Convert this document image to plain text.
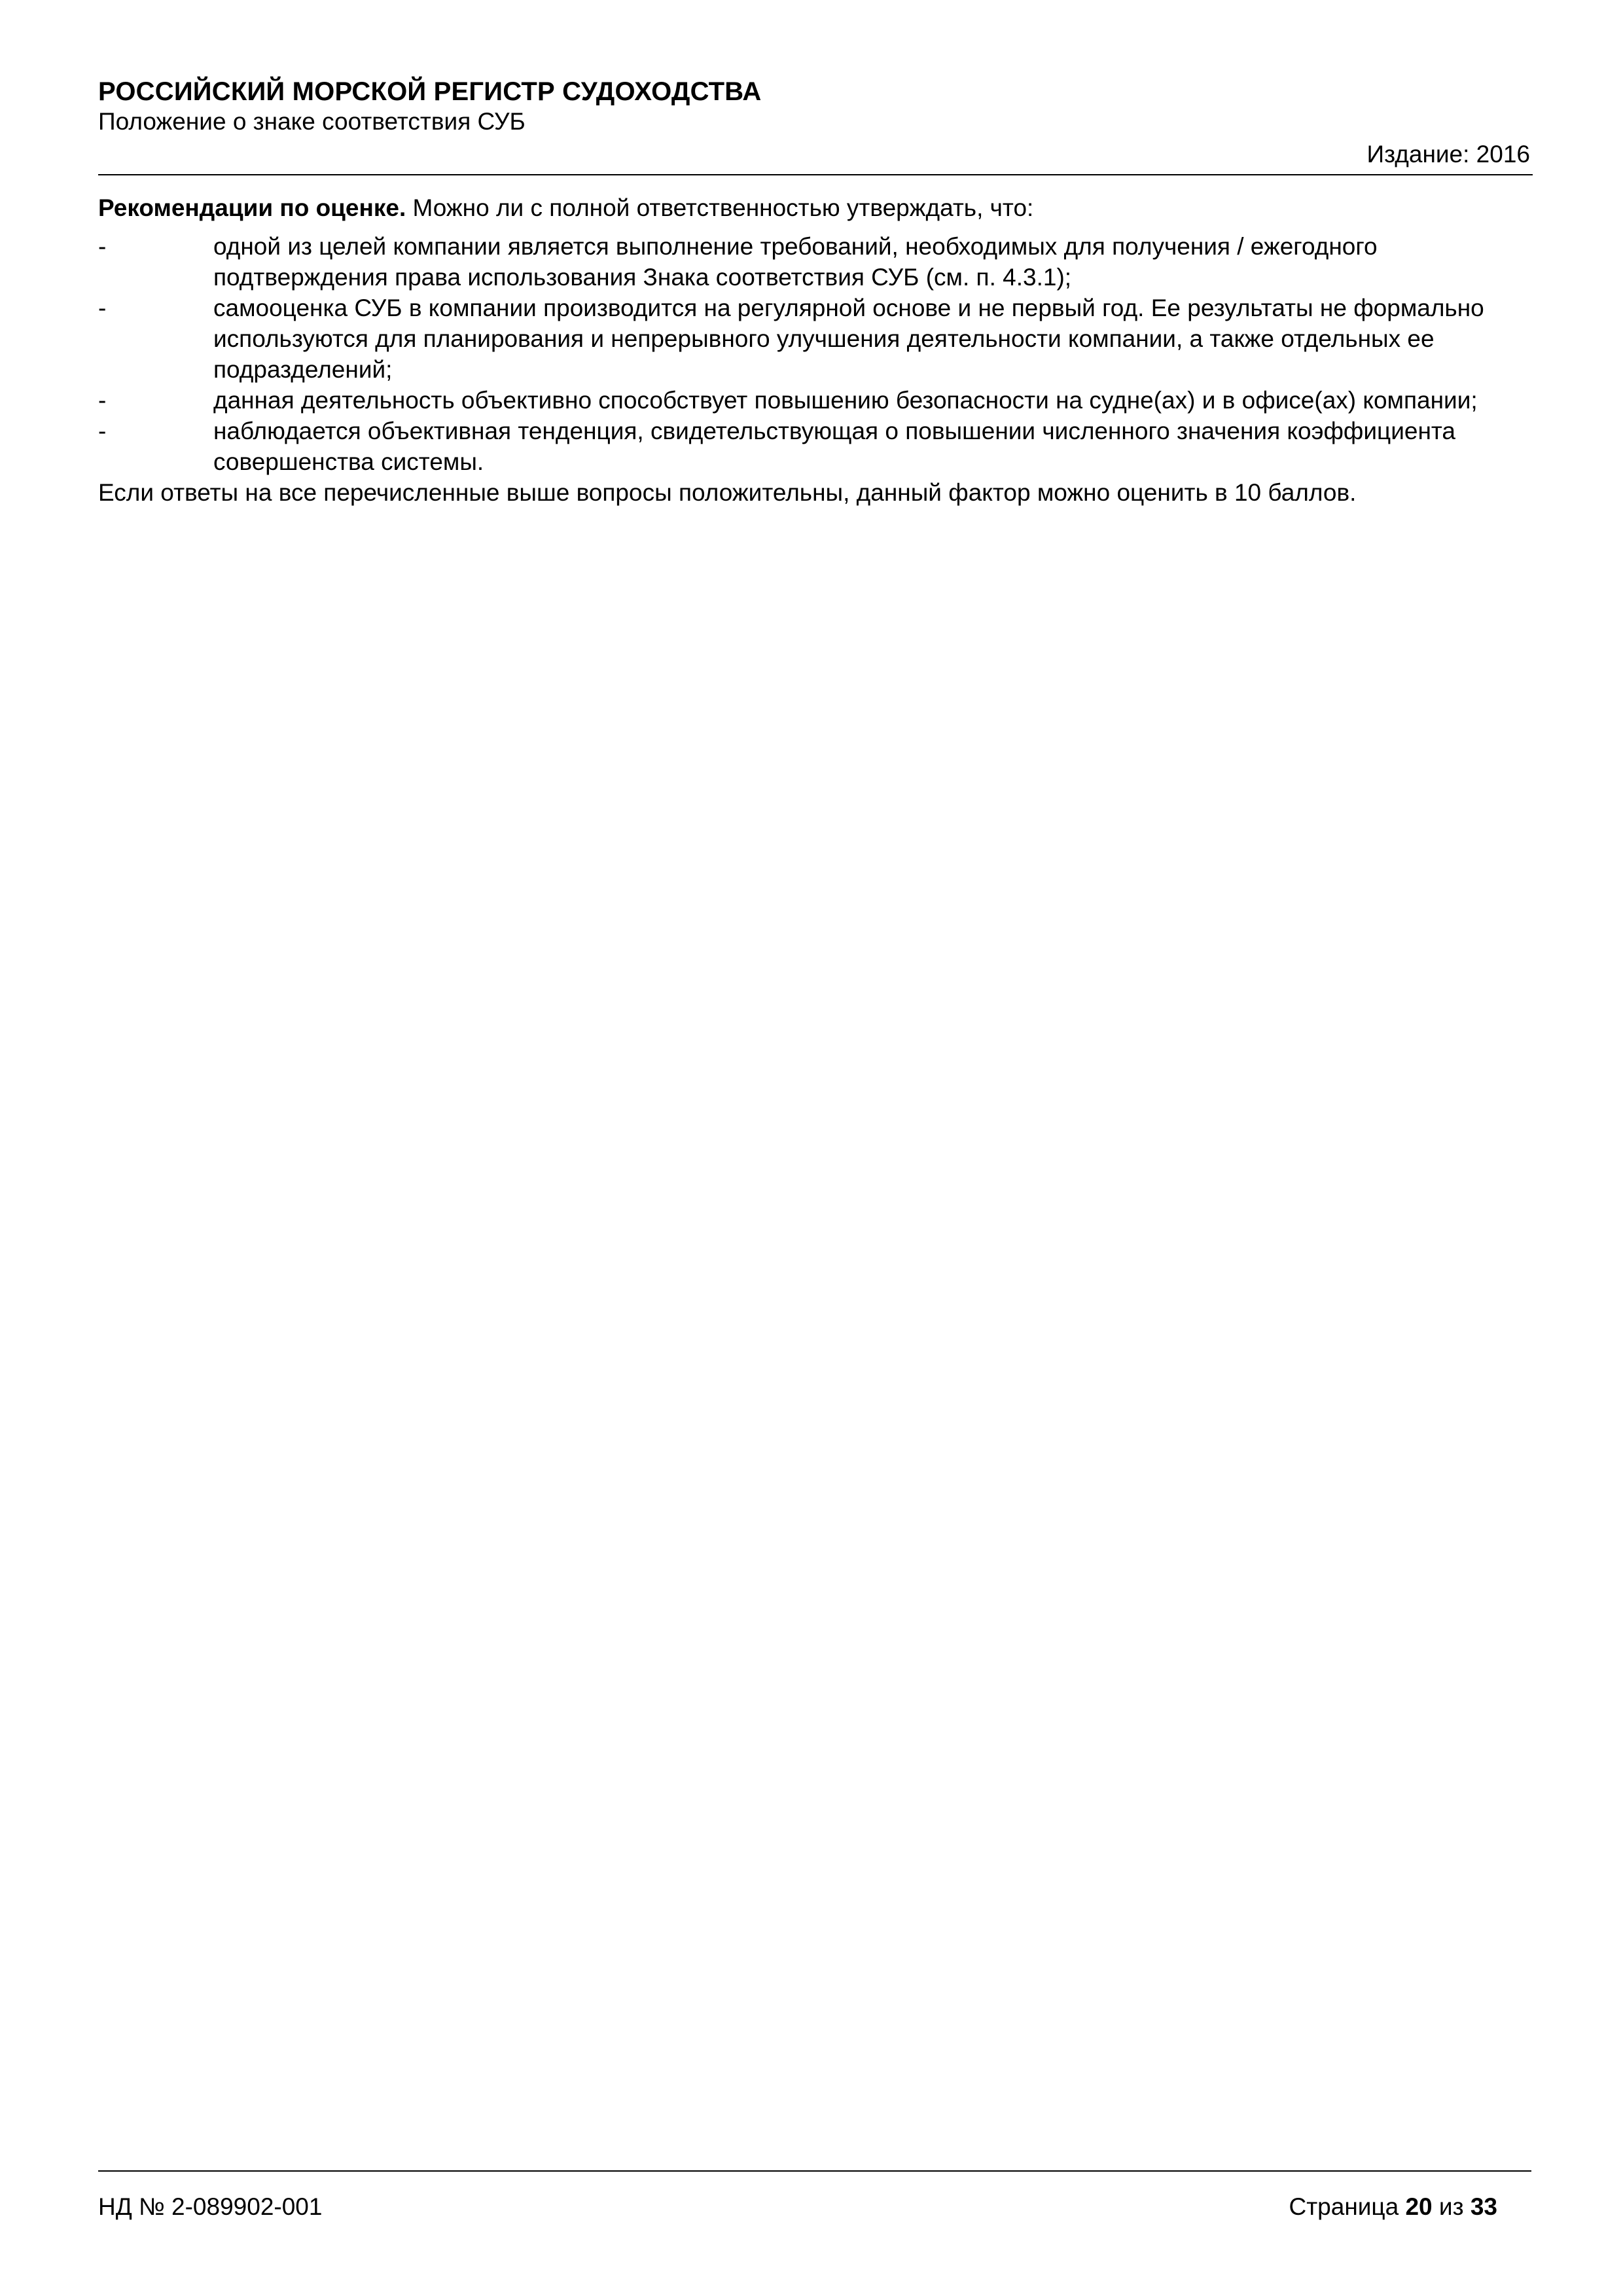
РОССИЙСКИЙ МОРСКОЙ РЕГИСТР СУДОХОДСТВА

Положение о знаке соответствия СУБ

Издание: 2016

Рекомендации по оценке. Можно ли с полной ответственностью утверждать, что:

-	одной из целей компании является выполнение требований, необходимых для получения / ежегодного подтверждения права использования Знака соответствия СУБ (см. п. 4.3.1);
-	самооценка СУБ в компании производится на регулярной основе и не первый год. Ее результаты не формально используются для планирования и непрерывного улучшения деятельности компании, а также отдельных ее подразделений;
-	данная деятельность объективно способствует повышению безопасности на судне(ах) и в офисе(ах) компании;
-	наблюдается объективная тенденция, свидетельствующая о повышении численного значения коэффициента совершенства системы.

Если ответы на все перечисленные выше вопросы положительны, данный фактор можно оценить в 10 баллов.

НД № 2-089902-001	Страница 20 из 33
